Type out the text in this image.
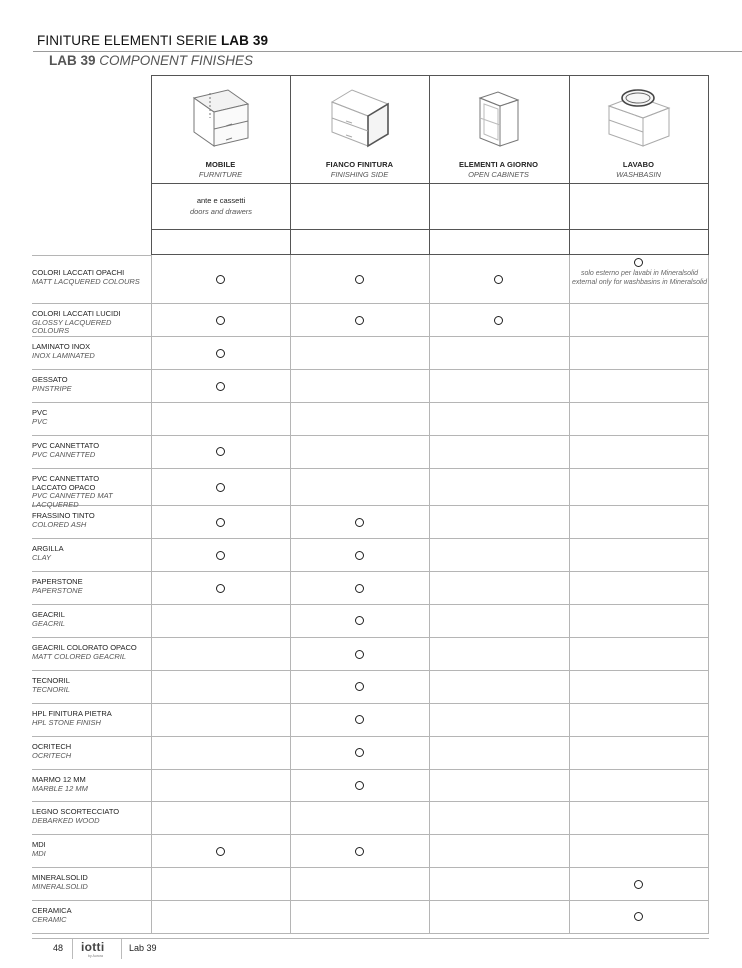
FINITURE ELEMENTI SERIE LAB 39
LAB 39 COMPONENT FINISHES
MOBILE
FURNITURE
FIANCO FINITURA
FINISHING SIDE
ELEMENTI A GIORNO
OPEN CABINETS
LAVABO
WASHBASIN
ante e cassetti
doors and drawers
COLORI LACCATI OPACHI
MATT LACQUERED COLOURS
COLORI LACCATI LUCIDI
GLOSSY LACQUERED COLOURS
LAMINATO INOX
INOX LAMINATED
GESSATO
PINSTRIPE
PVC
PVC
PVC CANNETTATO
PVC CANNETTED
PVC CANNETTATO LACCATO OPACO
PVC CANNETTED MAT LACQUERED
FRASSINO TINTO
COLORED ASH
ARGILLA
CLAY
PAPERSTONE
PAPERSTONE
GEACRIL
GEACRIL
GEACRIL COLORATO OPACO
MATT COLORED GEACRIL
TECNORIL
TECNORIL
HPL FINITURA PIETRA
HPL STONE FINISH
OCRITECH
OCRITECH
MARMO 12 MM
MARBLE 12 MM
LEGNO SCORTECCIATO
DEBARKED WOOD
MDI
MDI
MINERALSOLID
MINERALSOLID
CERAMICA
CERAMIC
solo esterno per lavabi in Mineralsolid
external only for washbasins in Mineralsolid
48 iotti
by Aurora
Lab 39
